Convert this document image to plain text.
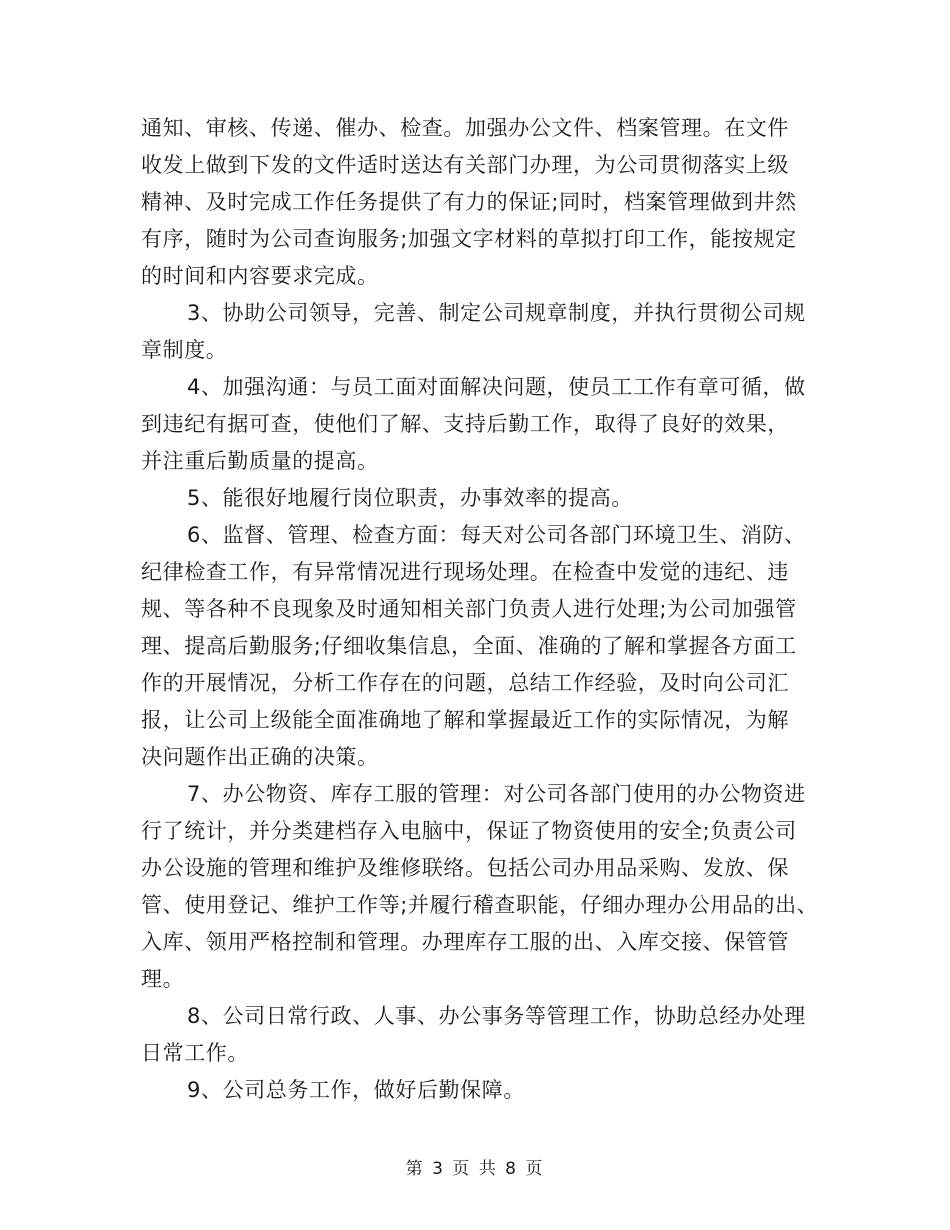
通知、审核、传递、催办、检查。加强办公文件、档案管理。在文件
收发上做到下发的文件适时送达有关部门办理，为公司贯彻落实上级
精神、及时完成工作任务提供了有力的保证;同时，档案管理做到井然
有序，随时为公司查询服务;加强文字材料的草拟打印工作，能按规定
的时间和内容要求完成。
3、协助公司领导，完善、制定公司规章制度，并执行贯彻公司规
章制度。
4、加强沟通：与员工面对面解决问题，使员工工作有章可循，做
到违纪有据可查，使他们了解、支持后勤工作，取得了良好的效果，
并注重后勤质量的提高。
5、能很好地履行岗位职责，办事效率的提高。
6、监督、管理、检查方面：每天对公司各部门环境卫生、消防、
纪律检查工作，有异常情况进行现场处理。在检查中发觉的违纪、违
规、等各种不良现象及时通知相关部门负责人进行处理;为公司加强管
理、提高后勤服务;仔细收集信息，全面、准确的了解和掌握各方面工
作的开展情况，分析工作存在的问题，总结工作经验，及时向公司汇
报，让公司上级能全面准确地了解和掌握最近工作的实际情况，为解
决问题作出正确的决策。
7、办公物资、库存工服的管理：对公司各部门使用的办公物资进
行了统计，并分类建档存入电脑中，保证了物资使用的安全;负责公司
办公设施的管理和维护及维修联络。包括公司办用品采购、发放、保
管、使用登记、维护工作等;并履行稽查职能，仔细办理办公用品的出、
入库、领用严格控制和管理。办理库存工服的出、入库交接、保管管
理。
8、公司日常行政、人事、办公事务等管理工作，协助总经办处理
日常工作。
9、公司总务工作，做好后勤保障。
第 3 页 共 8 页
